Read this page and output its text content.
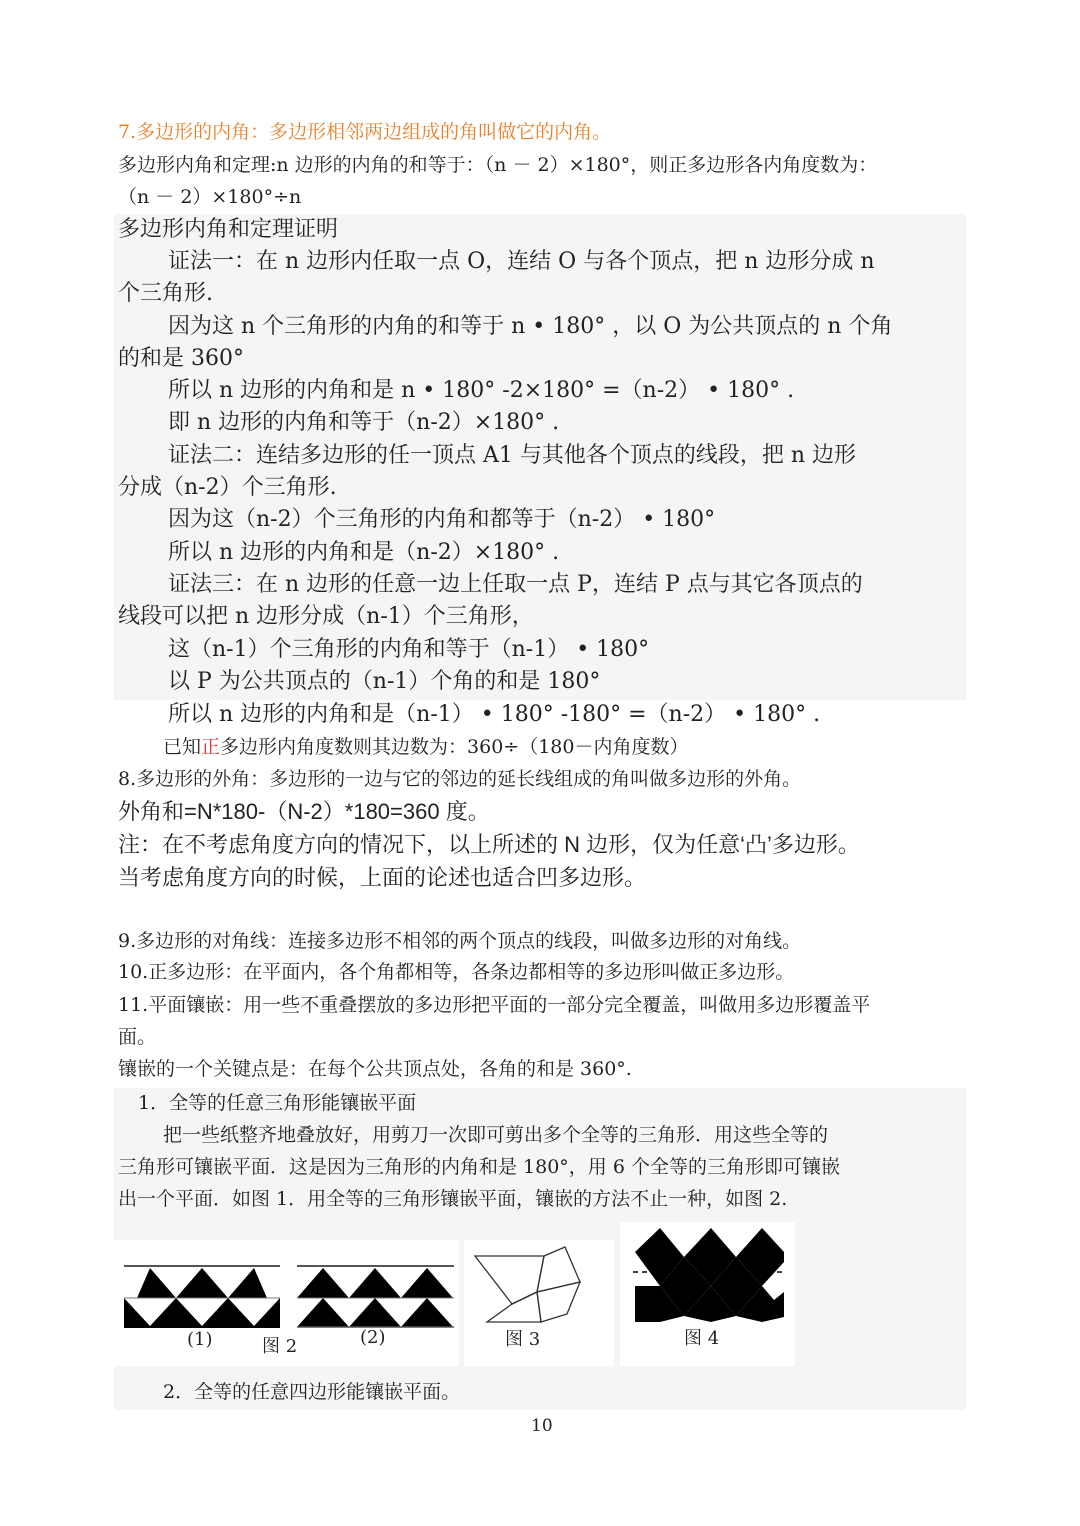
7.多边形的内角：多边形相邻两边组成的角叫做它的内角。
多边形内角和定理:n 边形的内角的和等于：（n － 2）×180°，则正多边形各内角度数为：
（n － 2）×180°÷n
多边形内角和定理证明
证法一：在 n 边形内任取一点 O，连结 O 与各个顶点，把 n 边形分成 n
个三角形.
因为这 n 个三角形的内角的和等于 n • 180° ，以 O 为公共顶点的 n 个角
的和是 360°
所以 n 边形的内角和是 n • 180° -2×180° =（n-2） • 180° .
即 n 边形的内角和等于（n-2）×180° .
证法二：连结多边形的任一顶点 A1 与其他各个顶点的线段，把 n 边形
分成（n-2）个三角形.
因为这（n-2）个三角形的内角和都等于（n-2） • 180°
所以 n 边形的内角和是（n-2）×180° .
证法三：在 n 边形的任意一边上任取一点 P，连结 P 点与其它各顶点的
线段可以把 n 边形分成（n-1）个三角形，
这（n-1）个三角形的内角和等于（n-1） • 180°
以 P 为公共顶点的（n-1）个角的和是 180°
所以 n 边形的内角和是（n-1） • 180° -180° =（n-2） • 180° .
已知正多边形内角度数则其边数为：360÷（180－内角度数）
8.多边形的外角：多边形的一边与它的邻边的延长线组成的角叫做多边形的外角。
外角和=N*180-（N-2）*180=360 度。
注：在不考虑角度方向的情况下，以上所述的 N 边形，仅为任意‘凸’多边形。
当考虑角度方向的时候，上面的论述也适合凹多边形。
9.多边形的对角线：连接多边形不相邻的两个顶点的线段，叫做多边形的对角线。
10.正多边形：在平面内，各个角都相等，各条边都相等的多边形叫做正多边形。
11.平面镶嵌：用一些不重叠摆放的多边形把平面的一部分完全覆盖，叫做用多边形覆盖平
面。
镶嵌的一个关键点是：在每个公共顶点处，各角的和是 360°.
1．全等的任意三角形能镶嵌平面
把一些纸整齐地叠放好，用剪刀一次即可剪出多个全等的三角形．用这些全等的
三角形可镶嵌平面．这是因为三角形的内角和是 180°，用 6 个全等的三角形即可镶嵌
出一个平面．如图 1．用全等的三角形镶嵌平面，镶嵌的方法不止一种，如图 2.
(1)	(2)
图 2	图 3	图 4
2．全等的任意四边形能镶嵌平面。
10
